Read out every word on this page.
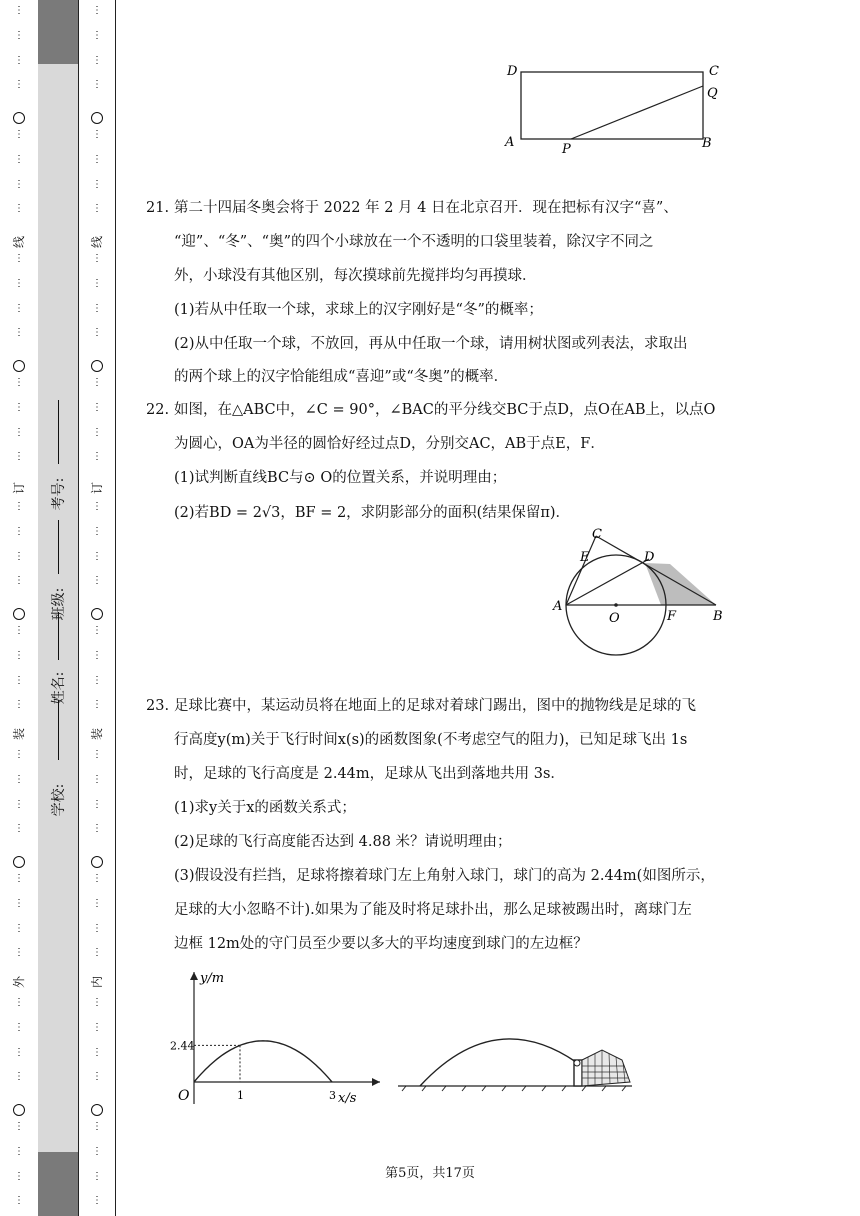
⋮
⋮
⋮
⋮
⋮
⋮
⋮
⋮
⋮
⋮
⋮
⋮
⋮
⋮
⋮
⋮
⋮
⋮
⋮
⋮
⋮
⋮
⋮
⋮
⋮
⋮
⋮
⋮
⋮
⋮
⋮
⋮
⋮
⋮
⋮
⋮
⋮
⋮
⋮
⋮
外
装
订
线
学校:
姓名:
班级:
考号:
⋮
⋮
⋮
⋮
⋮
⋮
⋮
⋮
⋮
⋮
⋮
⋮
⋮
⋮
⋮
⋮
⋮
⋮
⋮
⋮
⋮
⋮
⋮
⋮
⋮
⋮
⋮
⋮
⋮
⋮
⋮
⋮
⋮
⋮
⋮
⋮
⋮
⋮
⋮
⋮
内
装
订
线
D	C
Q
A	B
P
21. 第二十四届冬奥会将于 2022 年 2 月 4 日在北京召开．现在把标有汉字“喜”、
“迎”、“冬”、“奥”的四个小球放在一个不透明的口袋里装着，除汉字不同之
外，小球没有其他区别，每次摸球前先搅拌均匀再摸球．
(1)若从中任取一个球，求球上的汉字刚好是“冬”的概率；
(2)从中任取一个球，不放回，再从中任取一个球，请用树状图或列表法，求取出
的两个球上的汉字恰能组成“喜迎”或“冬奥”的概率．
22. 如图，在△ABC中，∠C = 90°，∠BAC的平分线交BC于点D，点O在AB上，以点O
为圆心，OA为半径的圆恰好经过点D，分别交AC，AB于点E，F．
(1)试判断直线BC与⊙ O的位置关系，并说明理由；
(2)若BD = 2√3，BF = 2，求阴影部分的面积(结果保留π)．
C
E	D
A
O	F	B
23. 足球比赛中，某运动员将在地面上的足球对着球门踢出，图中的抛物线是足球的飞
行高度y(m)关于飞行时间x(s)的函数图象(不考虑空气的阻力)，已知足球飞出 1s
时，足球的飞行高度是 2.44m，足球从飞出到落地共用 3s．
(1)求y关于x的函数关系式；
(2)足球的飞行高度能否达到 4.88 米？请说明理由；
(3)假设没有拦挡，足球将擦着球门左上角射入球门，球门的高为 2.44m(如图所示，
足球的大小忽略不计).如果为了能及时将足球扑出，那么足球被踢出时，离球门左
边框 12m处的守门员至少要以多大的平均速度到球门的左边框？
y/m
x/s
O
2.44
1	3
第5页，共17页
